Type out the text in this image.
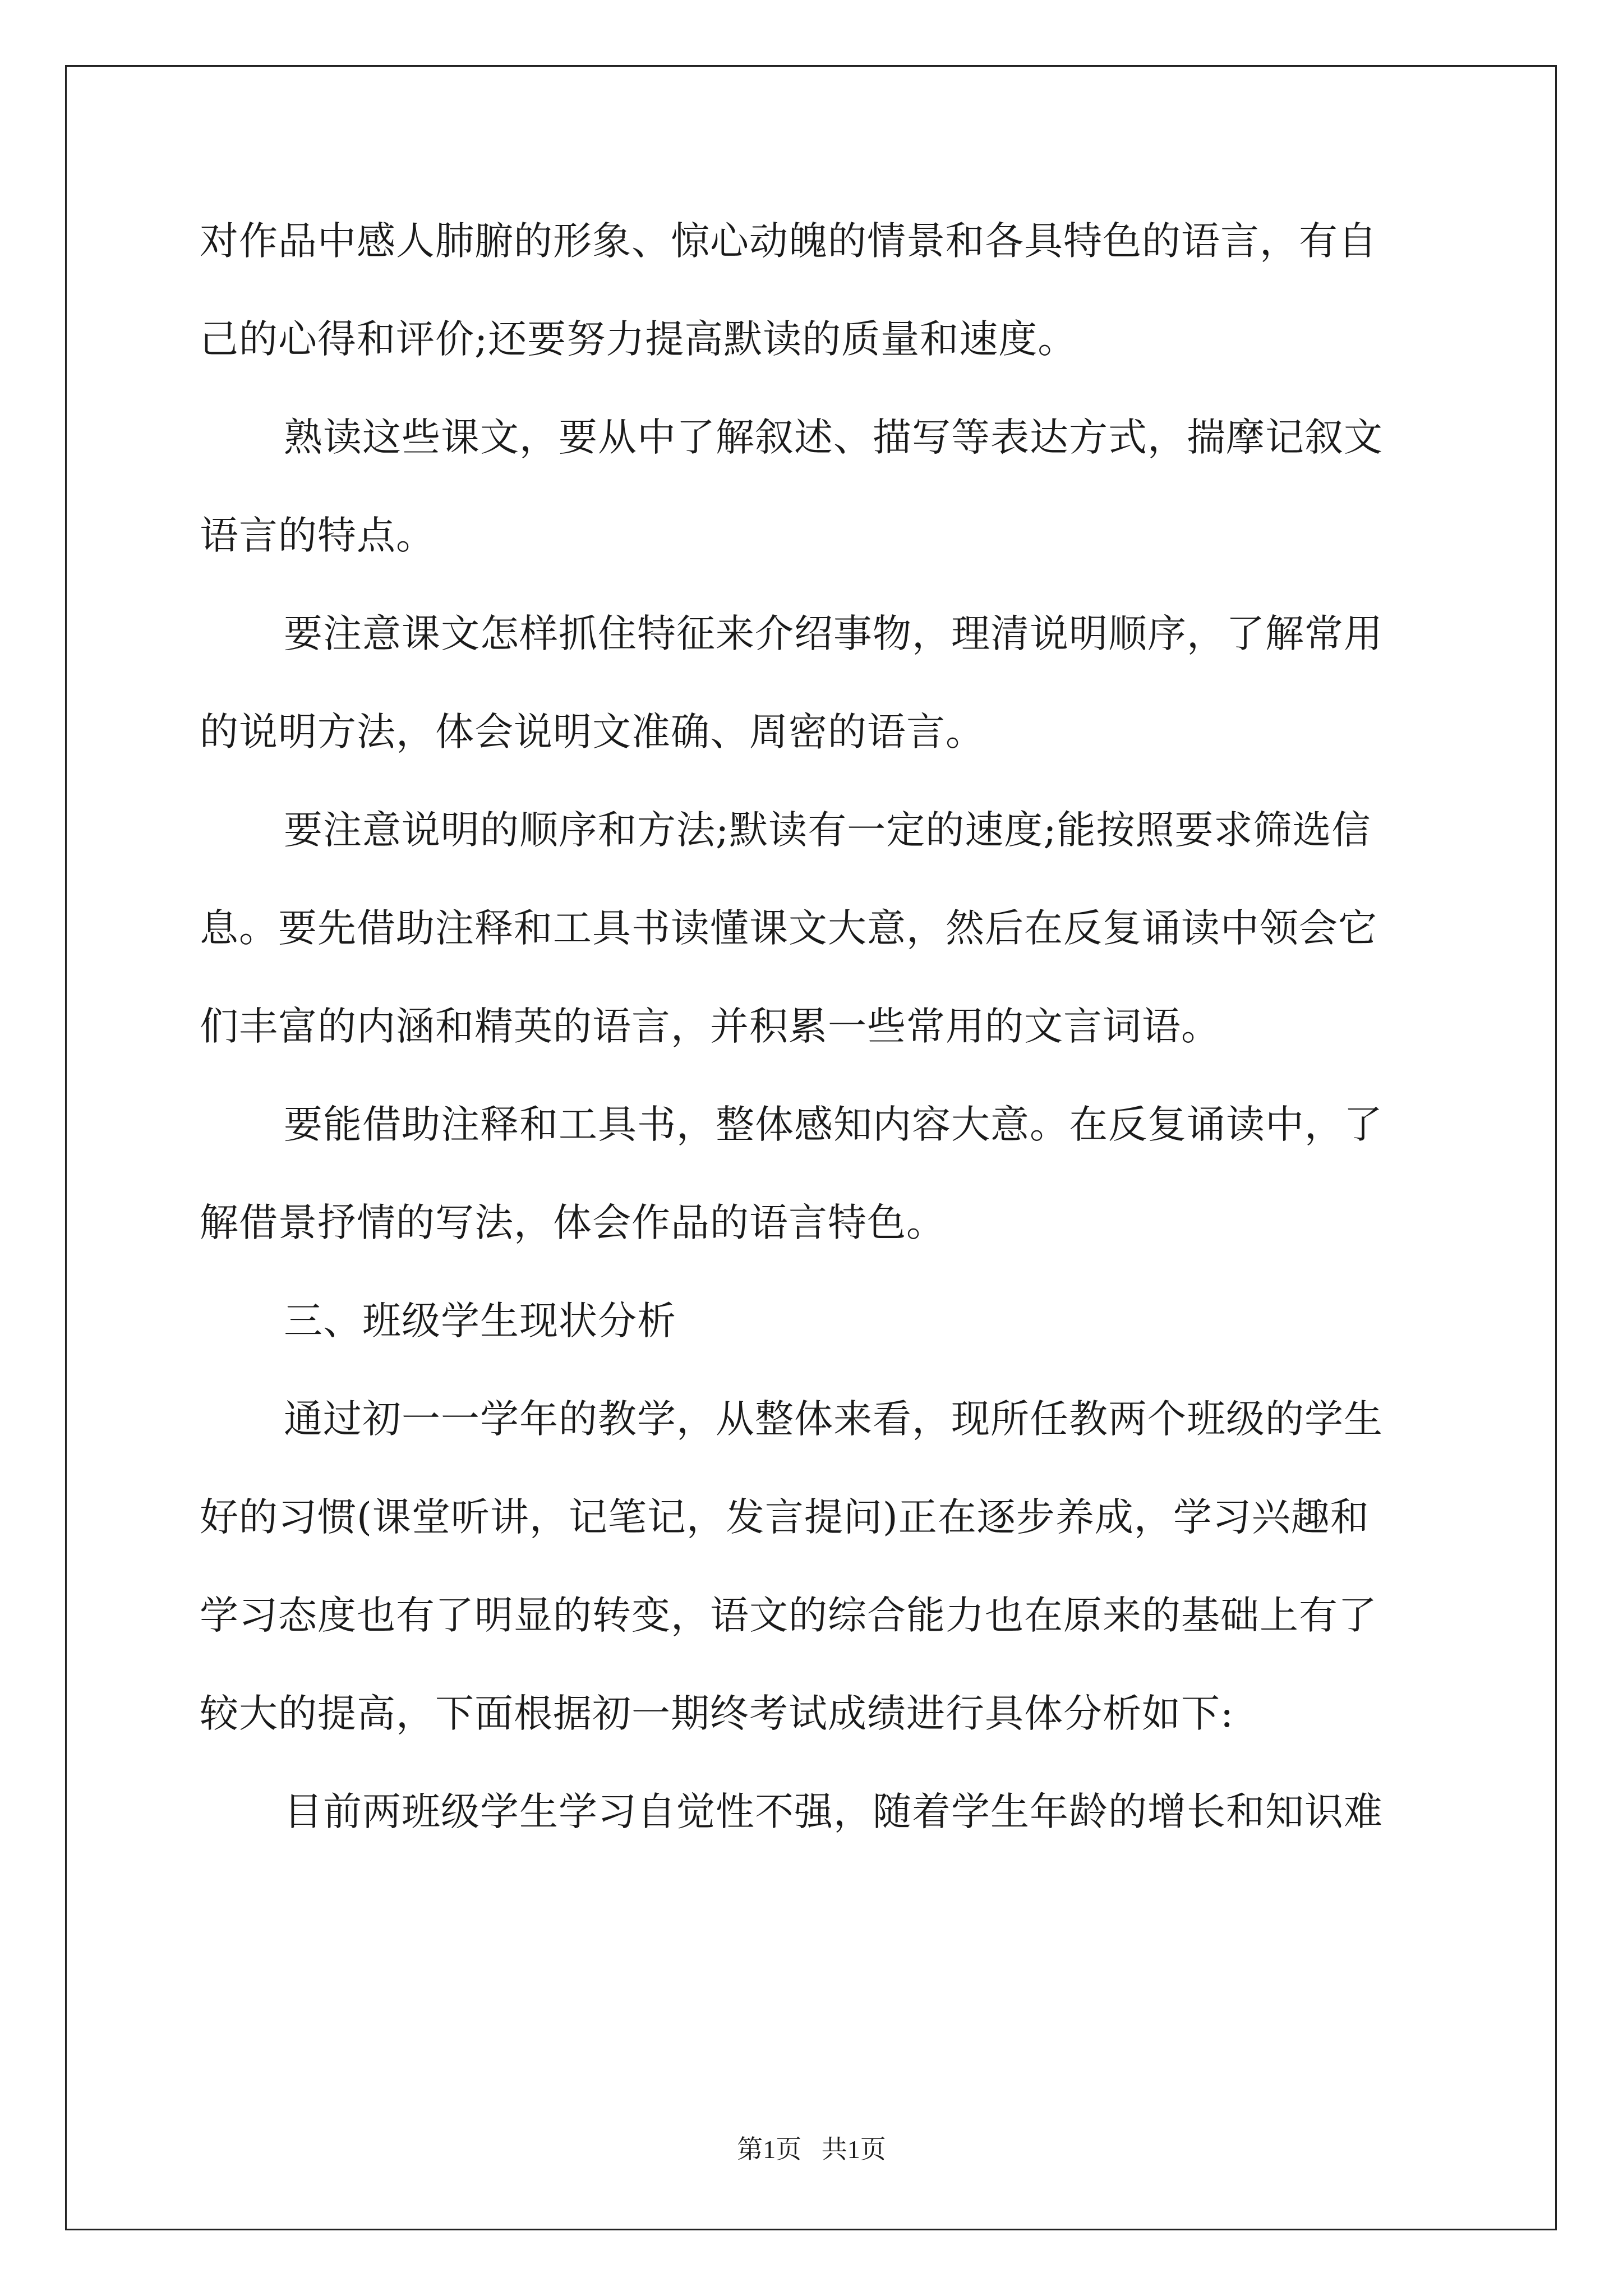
对作品中感人肺腑的形象、惊心动魄的情景和各具特色的语言，有自
己的心得和评价;还要努力提高默读的质量和速度。
熟读这些课文，要从中了解叙述、描写等表达方式，揣摩记叙文
语言的特点。
要注意课文怎样抓住特征来介绍事物，理清说明顺序，了解常用
的说明方法，体会说明文准确、周密的语言。
要注意说明的顺序和方法;默读有一定的速度;能按照要求筛选信
息。要先借助注释和工具书读懂课文大意，然后在反复诵读中领会它
们丰富的内涵和精英的语言，并积累一些常用的文言词语。
要能借助注释和工具书，整体感知内容大意。在反复诵读中，了
解借景抒情的写法，体会作品的语言特色。
三、班级学生现状分析
通过初一一学年的教学，从整体来看，现所任教两个班级的学生
好的习惯(课堂听讲，记笔记，发言提问)正在逐步养成，学习兴趣和
学习态度也有了明显的转变，语文的综合能力也在原来的基础上有了
较大的提高，下面根据初一期终考试成绩进行具体分析如下:
目前两班级学生学习自觉性不强，随着学生年龄的增长和知识难
第1页 共1页
